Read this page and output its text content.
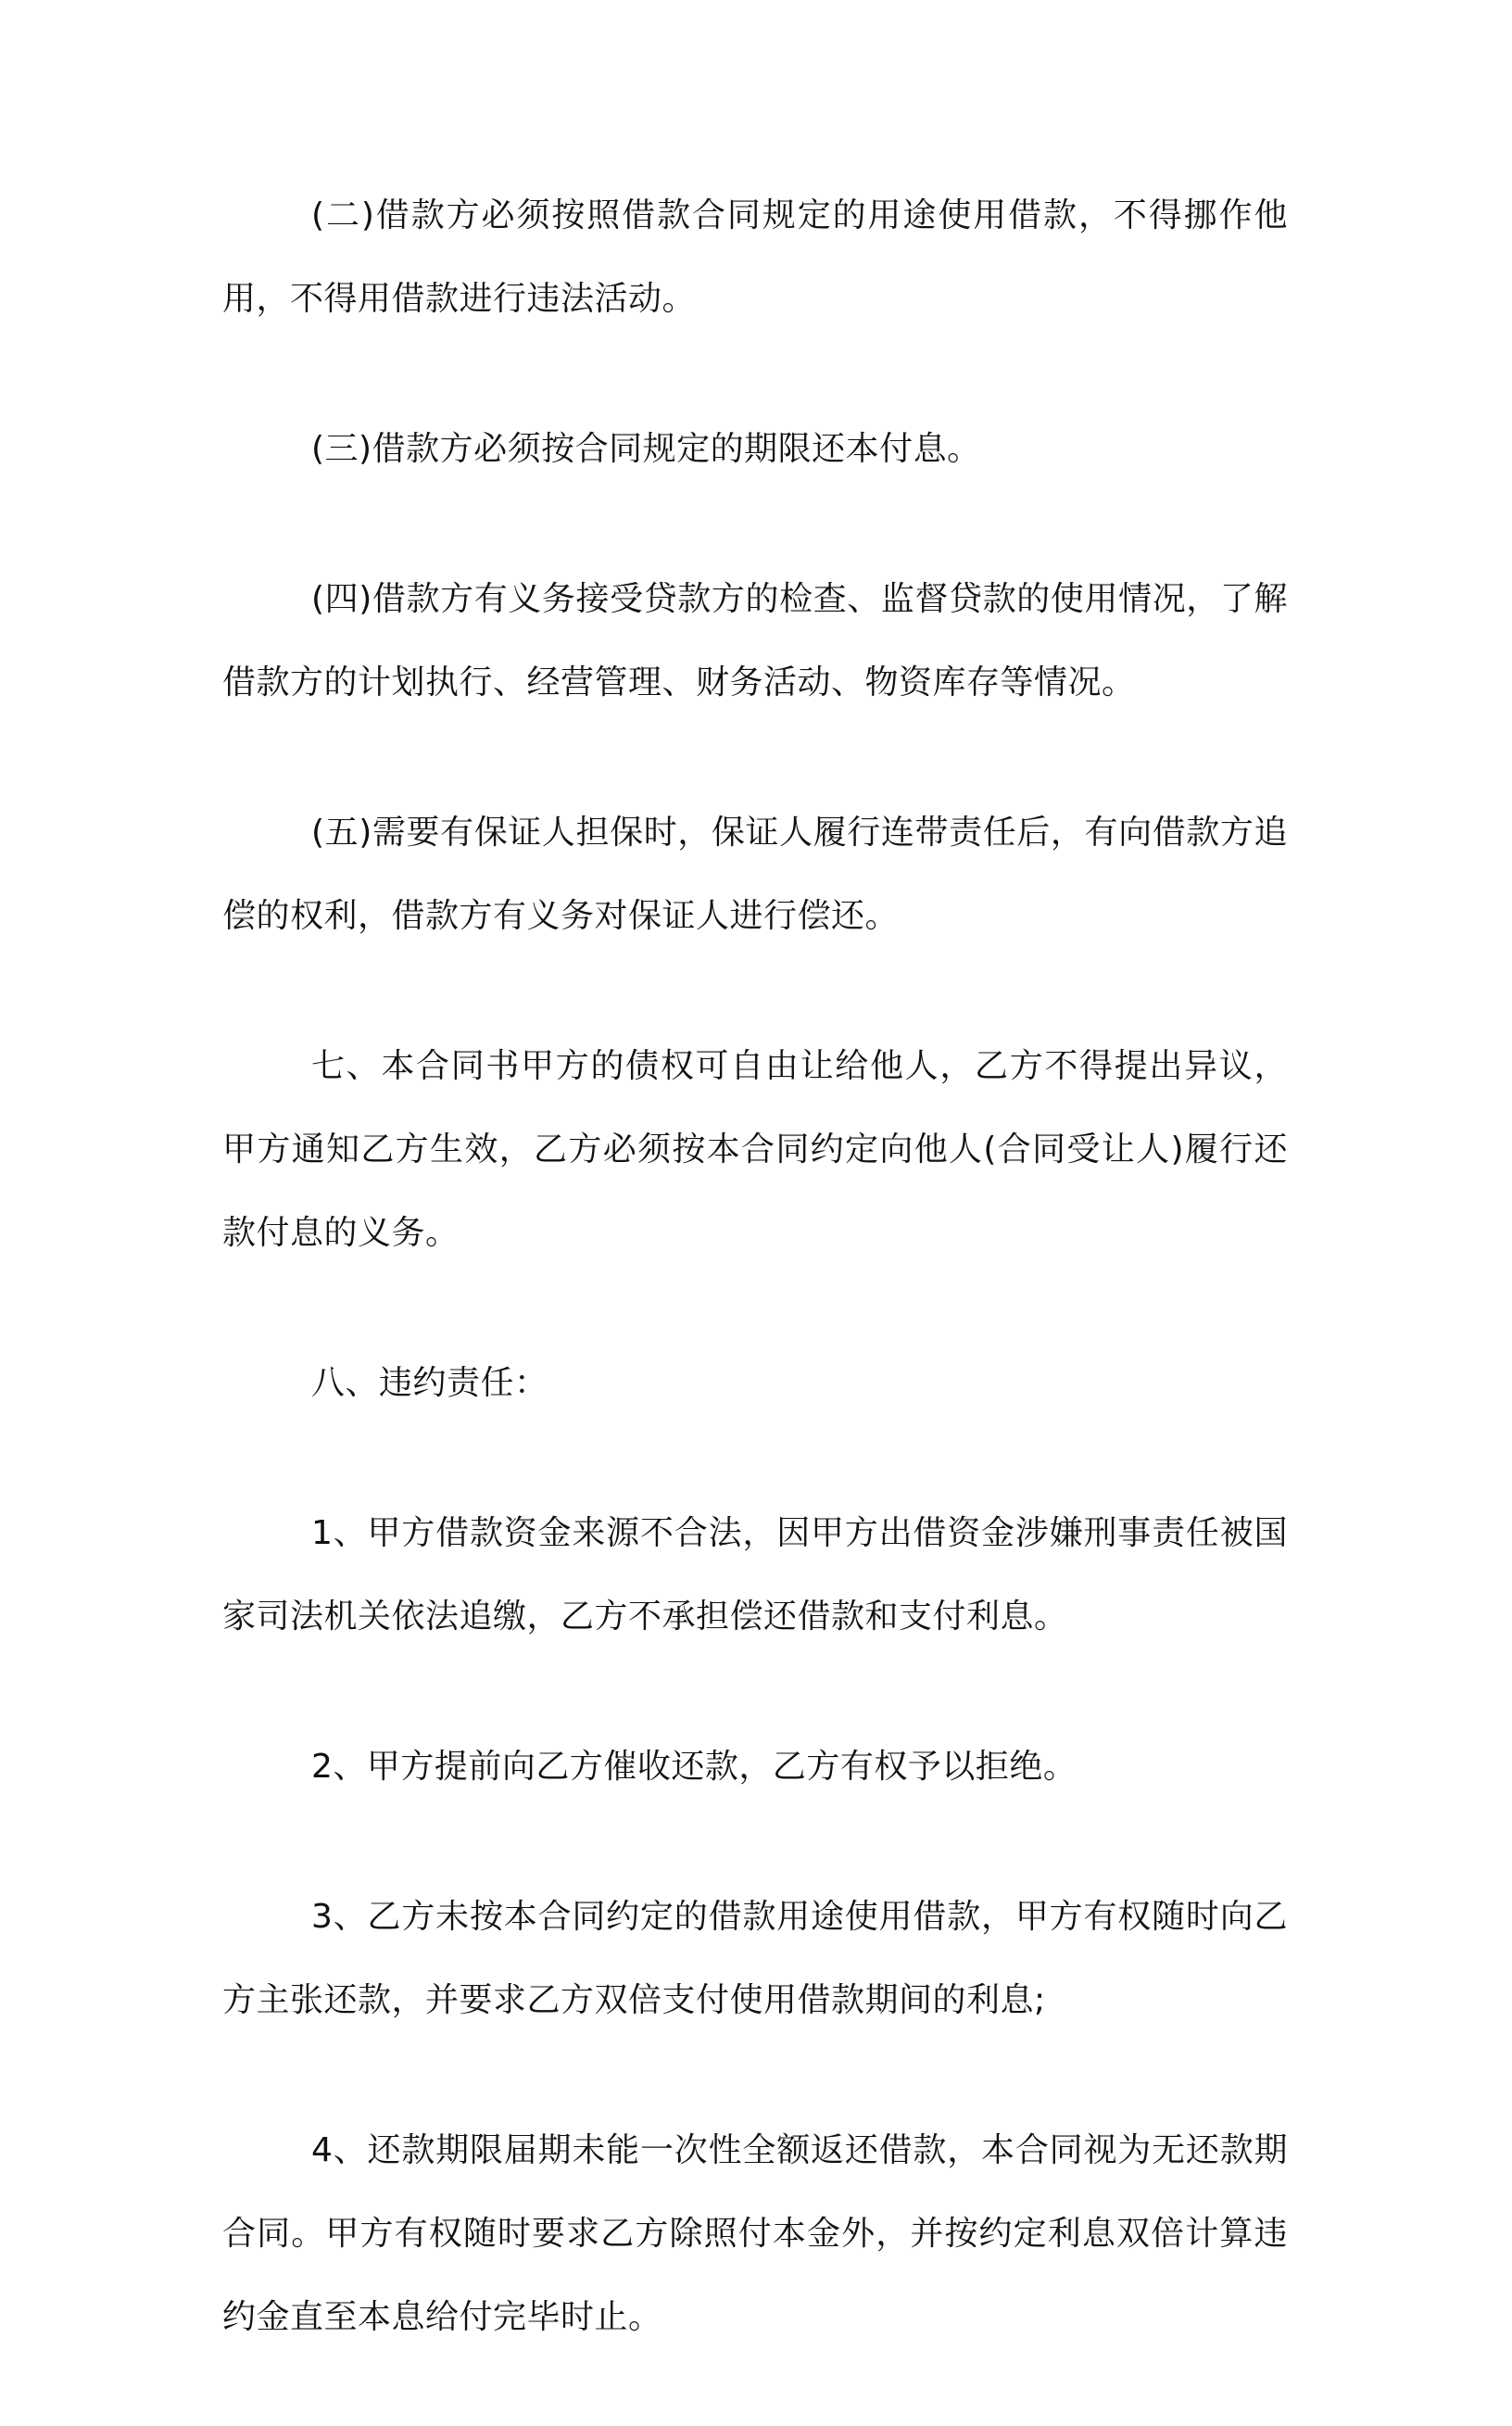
(二)借款方必须按照借款合同规定的用途使用借款，不得挪作他用，不得用借款进行违法活动。

(三)借款方必须按合同规定的期限还本付息。

(四)借款方有义务接受贷款方的检查、监督贷款的使用情况，了解借款方的计划执行、经营管理、财务活动、物资库存等情况。

(五)需要有保证人担保时，保证人履行连带责任后，有向借款方追偿的权利，借款方有义务对保证人进行偿还。

七、本合同书甲方的债权可自由让给他人，乙方不得提出异议，甲方通知乙方生效，乙方必须按本合同约定向他人(合同受让人)履行还款付息的义务。

八、违约责任：

1、甲方借款资金来源不合法，因甲方出借资金涉嫌刑事责任被国家司法机关依法追缴，乙方不承担偿还借款和支付利息。

2、甲方提前向乙方催收还款，乙方有权予以拒绝。

3、乙方未按本合同约定的借款用途使用借款，甲方有权随时向乙方主张还款，并要求乙方双倍支付使用借款期间的利息;

4、还款期限届期未能一次性全额返还借款，本合同视为无还款期合同。甲方有权随时要求乙方除照付本金外，并按约定利息双倍计算违约金直至本息给付完毕时止。
